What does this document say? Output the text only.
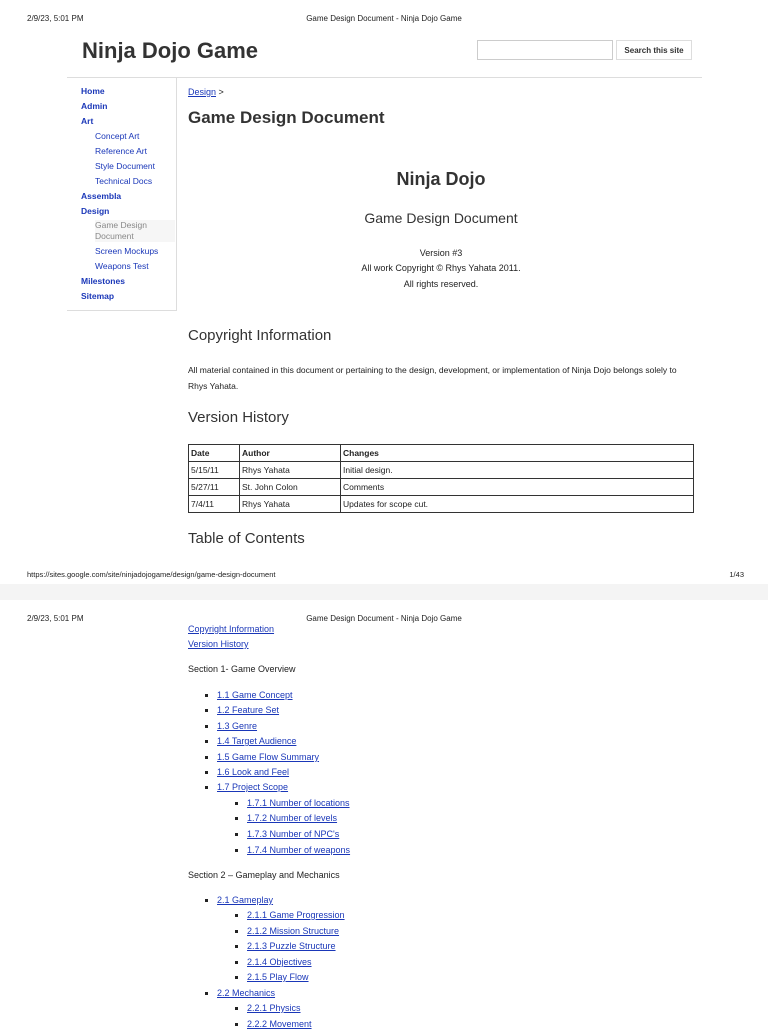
Game Design Document - Ninja Dojo Game
2/9/23, 5:01 PM
Ninja Dojo Game	Search this site
Home
Admin
Art
Concept Art
Reference Art
Style Document
Technical Docs
Assembla
Design
Game Design Document
Screen Mockups
Weapons Test
Milestones
Sitemap
Design >
Game Design Document
Ninja Dojo
Game Design Document
Version #3
All work Copyright © Rhys Yahata 2011.
All rights reserved.
Copyright Information
All material contained in this document or pertaining to the design, development, or implementation of Ninja Dojo belongs solely to Rhys Yahata.
Version History
Date	Author	Changes
5/15/11	Rhys Yahata	Initial design.
5/27/11	St. John Colon	Comments
7/4/11	Rhys Yahata	Updates for scope cut.
Table of Contents
https://sites.google.com/site/ninjadojogame/design/game-design-document	1/43
Game Design Document - Ninja Dojo Game
2/9/23, 5:01 PM
Copyright Information
Version History
Section 1- Game Overview
1.1 Game Concept
1.2 Feature Set
1.3 Genre
1.4 Target Audience
1.5 Game Flow Summary
1.6 Look and Feel
1.7 Project Scope
1.7.1 Number of locations
1.7.2 Number of levels
1.7.3 Number of NPC's
1.7.4 Number of weapons
Section 2 – Gameplay and Mechanics
2.1 Gameplay
2.1.1 Game Progression
2.1.2 Mission Structure
2.1.3 Puzzle Structure
2.1.4 Objectives
2.1.5 Play Flow
2.2 Mechanics
2.2.1 Physics
2.2.2 Movement
